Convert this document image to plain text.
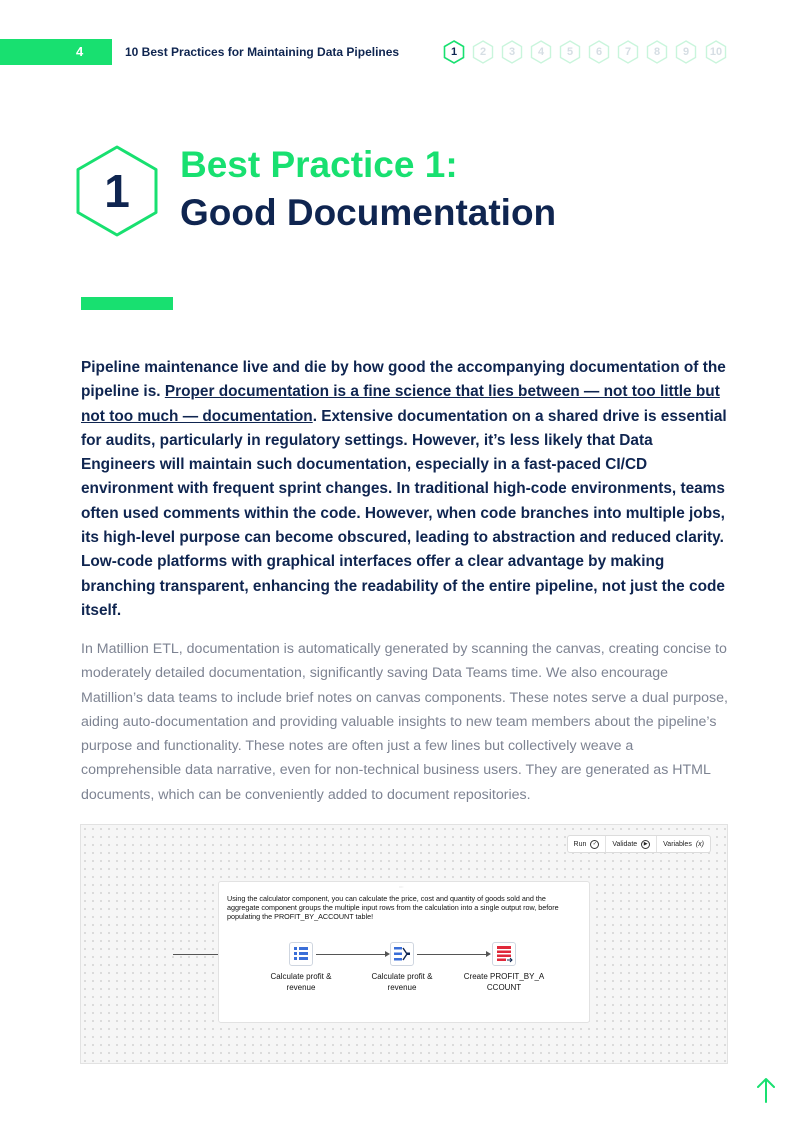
4	10 Best Practices for Maintaining Data Pipelines	1	2	3	4	5	6	7	8	9	10
1
Best Practice 1:
Good Documentation

Pipeline maintenance live and die by how good the accompanying documentation of the pipeline is. Proper documentation is a fine science that lies between — not too little but not too much — documentation. Extensive documentation on a shared drive is essential for audits, particularly in regulatory settings. However, it’s less likely that Data Engineers will maintain such documentation, especially in a fast-paced CI/CD environment with frequent sprint changes. In traditional high-code environments, teams often used comments within the code. However, when code branches into multiple jobs, its high-level purpose can become obscured, leading to abstraction and reduced clarity. Low-code platforms with graphical interfaces offer a clear advantage by making branching transparent, enhancing the readability of the entire pipeline, not just the code itself.

In Matillion ETL, documentation is automatically generated by scanning the canvas, creating concise to moderately detailed documentation, significantly saving Data Teams time. We also encourage Matillion’s data teams to include brief notes on canvas components. These notes serve a dual purpose, aiding auto-documentation and providing valuable insights to new team members about the pipeline’s purpose and functionality. These notes are often just a few lines but collectively weave a comprehensible data narrative, even for non-technical business users. They are generated as HTML documents, which can be conveniently added to document repositories.

Run	✓	Validate	▶	Variables (x)
::::
Using the calculator component, you can calculate the price, cost and quantity of goods sold and the aggregate component groups the multiple input rows from the calculation into a single output row, before populating the PROFIT_BY_ACCOUNT table!
Calculate profit & revenue
Calculate profit & revenue
Create PROFIT_BY_ACCOUNT
